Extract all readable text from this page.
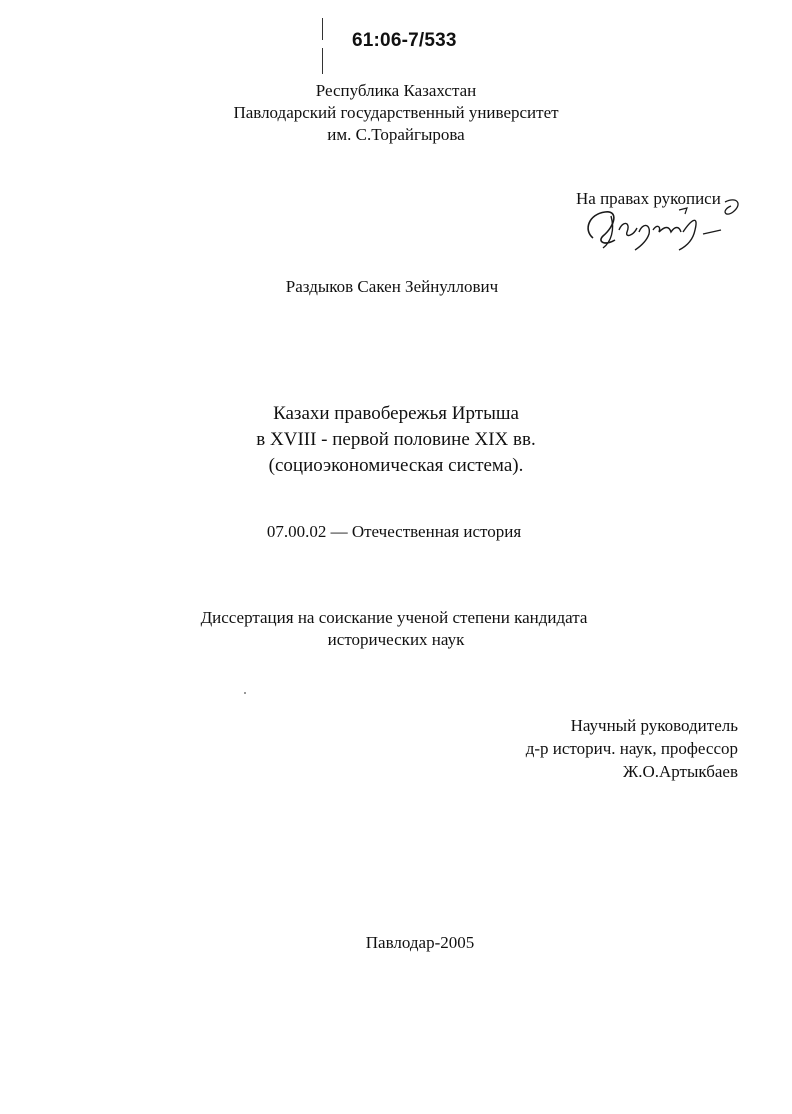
61:06-7/533
Республика Казахстан
Павлодарский государственный университет
им. С.Торайгырова
На правах рукописи
Раздыков Сакен Зейнуллович
Казахи правобережья Иртыша
в XVIII - первой половине XIX вв.
(социоэкономическая система).
07.00.02 — Отечественная история
Диссертация на соискание ученой степени кандидата
исторических наук
Научный руководитель
д-р историч. наук, профессор
Ж.О.Артыкбаев
Павлодар-2005
